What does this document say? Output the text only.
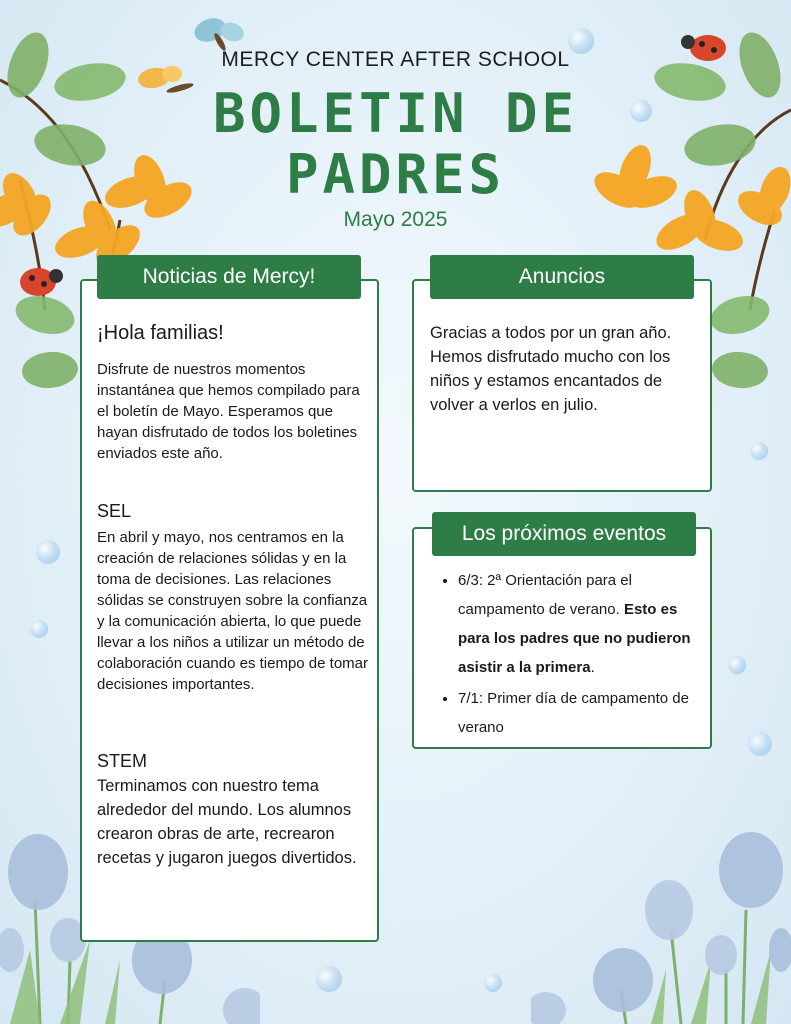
MERCY CENTER AFTER SCHOOL
BOLETIN DE
PADRES
Mayo 2025
Noticias de Mercy!

¡Hola familias!

Disfrute de nuestros momentos instantánea que hemos compilado para el boletín de Mayo. Esperamos que hayan disfrutado de todos los boletines enviados este año.

SEL

En abril y mayo, nos centramos en la creación de relaciones sólidas y en la toma de decisiones. Las relaciones sólidas se construyen sobre la confianza y la comunicación abierta, lo que puede llevar a los niños a utilizar un método de colaboración cuando es tiempo de tomar decisiones importantes.

STEM

Terminamos con nuestro tema alrededor del mundo. Los alumnos crearon obras de arte, recrearon recetas y jugaron juegos divertidos.

Anuncios

Gracias a todos por un gran año. Hemos disfrutado mucho con los niños y estamos encantados de volver a verlos en julio.

Los próximos eventos
• 6/3: 2ª Orientación para el campamento de verano. Esto es para los padres que no pudieron asistir a la primera.
• 7/1: Primer día de campamento de verano
